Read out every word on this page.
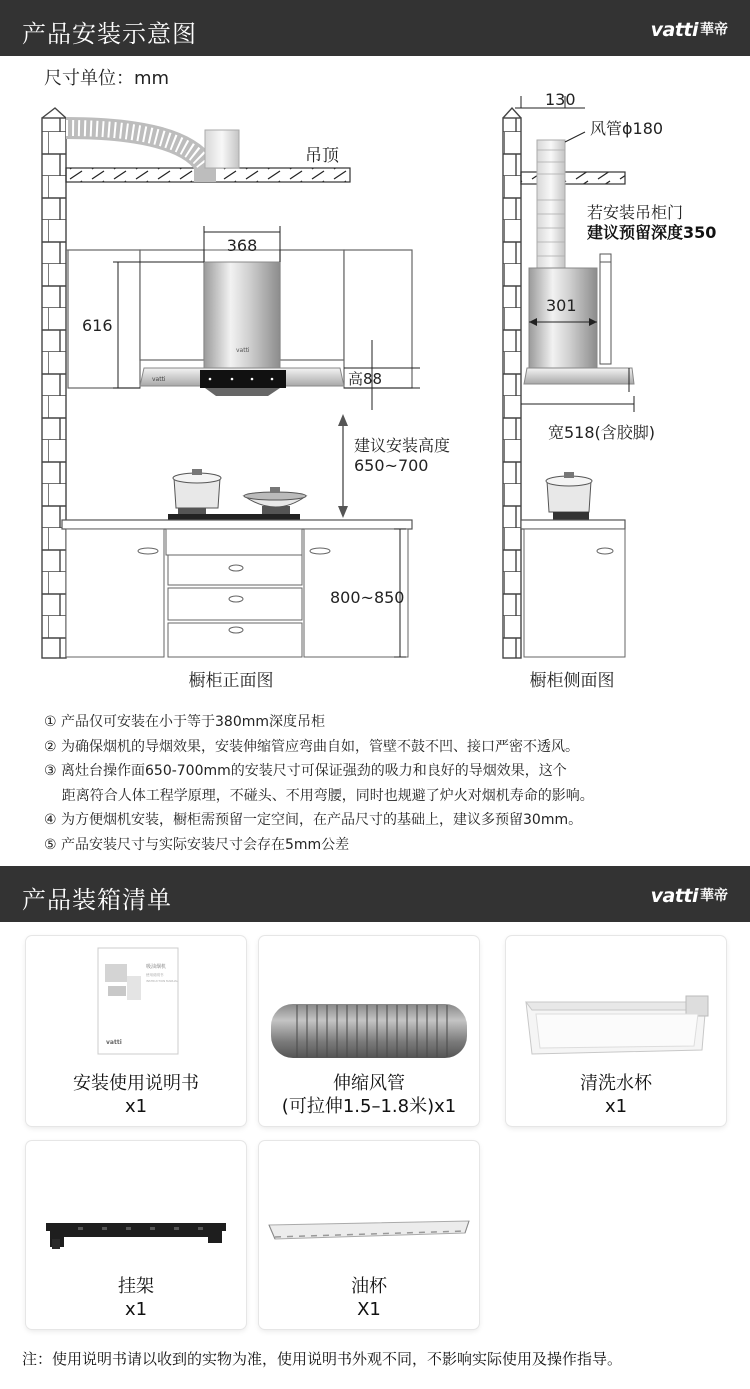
产品安装示意图	vatti 華帝
尺寸单位：mm
吊顶
vatti
vatti
368
616
高88
建议安装高度
650~700
800~850
橱柜正面图
130
风管ϕ180
若安装吊柜门
建议预留深度350
301
宽518(含胶脚)
橱柜侧面图
① 产品仅可安装在小于等于380mm深度吊柜
② 为确保烟机的导烟效果，安装伸缩管应弯曲自如，管壁不鼓不凹、接口严密不透风。
③ 离灶台操作面650-700mm的安装尺寸可保证强劲的吸力和良好的导烟效果，这个
距离符合人体工程学原理，不碰头、不用弯腰，同时也规避了炉火对烟机寿命的影响。
④ 为方便烟机安装，橱柜需预留一定空间，在产品尺寸的基础上，建议多预留30mm。
⑤ 产品安装尺寸与实际安装尺寸会存在5mm公差
产品装箱清单	vatti 華帝
吸油烟机
使用说明书
INSTRUCTION MANUAL
vatti
安装使用说明书
x1
伸缩风管
(可拉伸1.5–1.8米)x1
清洗水杯
x1
挂架
x1
油杯
X1
注：使用说明书请以收到的实物为准，使用说明书外观不同，不影响实际使用及操作指导。
